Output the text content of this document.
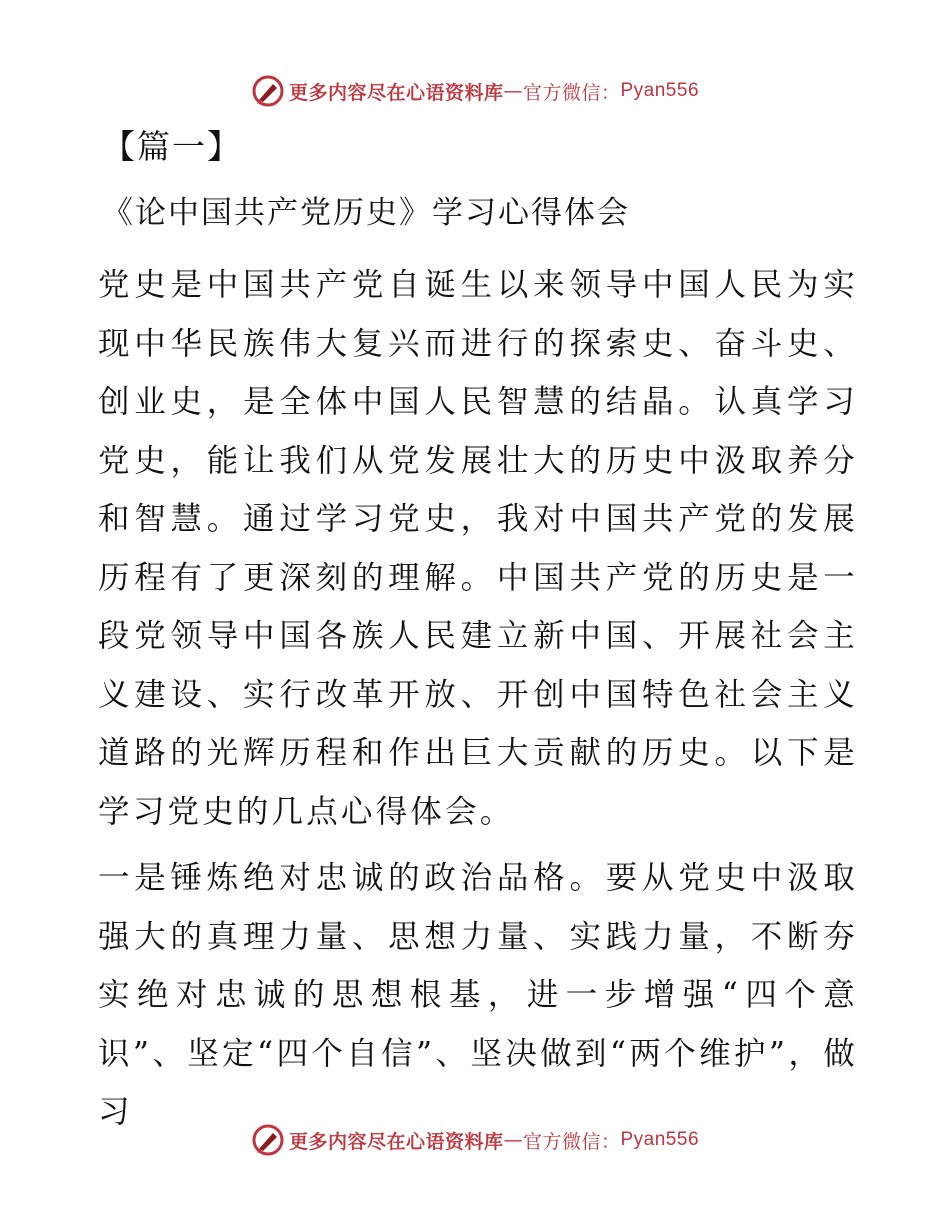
更多内容尽在心语资料库 — 官方微信： Pyan556
【篇一】
《论中国共产党历史》学习心得体会

党史是中国共产党自诞生以来领导中国人民为实现中华民族伟大复兴而进行的探索史、奋斗史、创业史，是全体中国人民智慧的结晶。认真学习党史，能让我们从党发展壮大的历史中汲取养分和智慧。通过学习党史，我对中国共产党的发展历程有了更深刻的理解。中国共产党的历史是一段党领导中国各族人民建立新中国、开展社会主义建设、实行改革开放、开创中国特色社会主义道路的光辉历程和作出巨大贡献的历史。以下是学习党史的几点心得体会。

一是锤炼绝对忠诚的政治品格。要从党史中汲取强大的真理力量、思想力量、实践力量，不断夯实绝对忠诚的思想根基，进一步增强“四个意识”、坚定“四个自信”、坚决做到“两个维护”，做习

更多内容尽在心语资料库 — 官方微信： Pyan556
